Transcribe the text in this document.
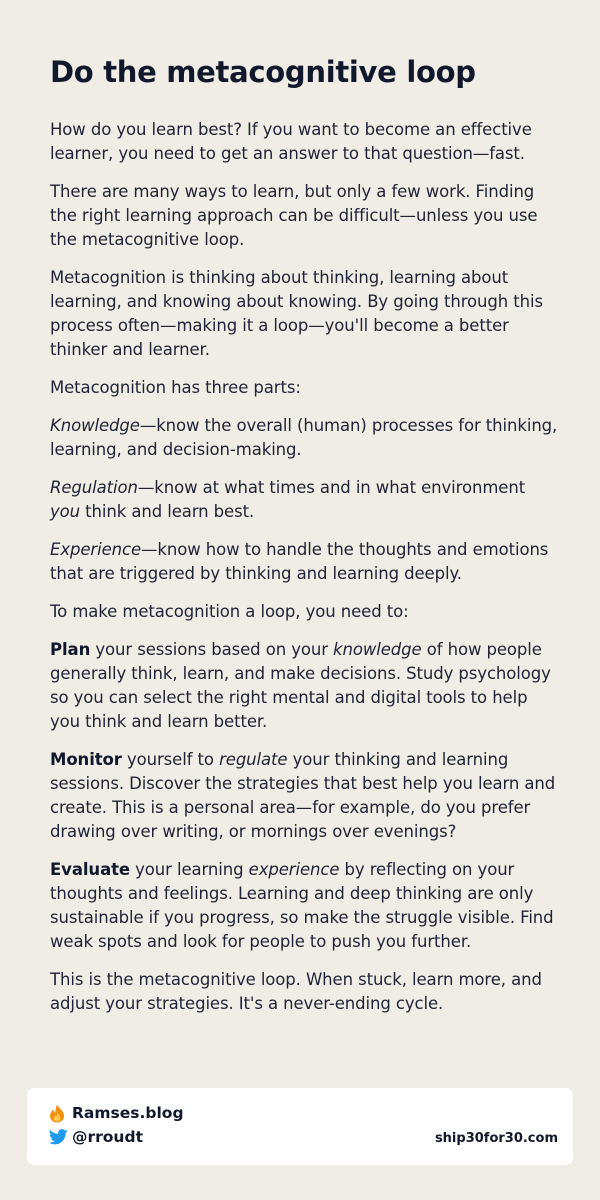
Do the metacognitive loop

How do you learn best? If you want to become an effective learner, you need to get an answer to that question—fast.

There are many ways to learn, but only a few work. Finding the right learning approach can be difficult—unless you use the metacognitive loop.

Metacognition is thinking about thinking, learning about learning, and knowing about knowing. By going through this process often—making it a loop—you'll become a better thinker and learner.

Metacognition has three parts:

Knowledge—know the overall (human) processes for thinking, learning, and decision-making.

Regulation—know at what times and in what environment you think and learn best.

Experience—know how to handle the thoughts and emotions that are triggered by thinking and learning deeply.

To make metacognition a loop, you need to:

Plan your sessions based on your knowledge of how people generally think, learn, and make decisions. Study psychology so you can select the right mental and digital tools to help you think and learn better.

Monitor yourself to regulate your thinking and learning sessions. Discover the strategies that best help you learn and create. This is a personal area—for example, do you prefer drawing over writing, or mornings over evenings?

Evaluate your learning experience by reflecting on your thoughts and feelings. Learning and deep thinking are only sustainable if you progress, so make the struggle visible. Find weak spots and look for people to push you further.

This is the metacognitive loop. When stuck, learn more, and adjust your strategies. It's a never-ending cycle.

Ramses.blog
@rroudt	ship30for30.com
